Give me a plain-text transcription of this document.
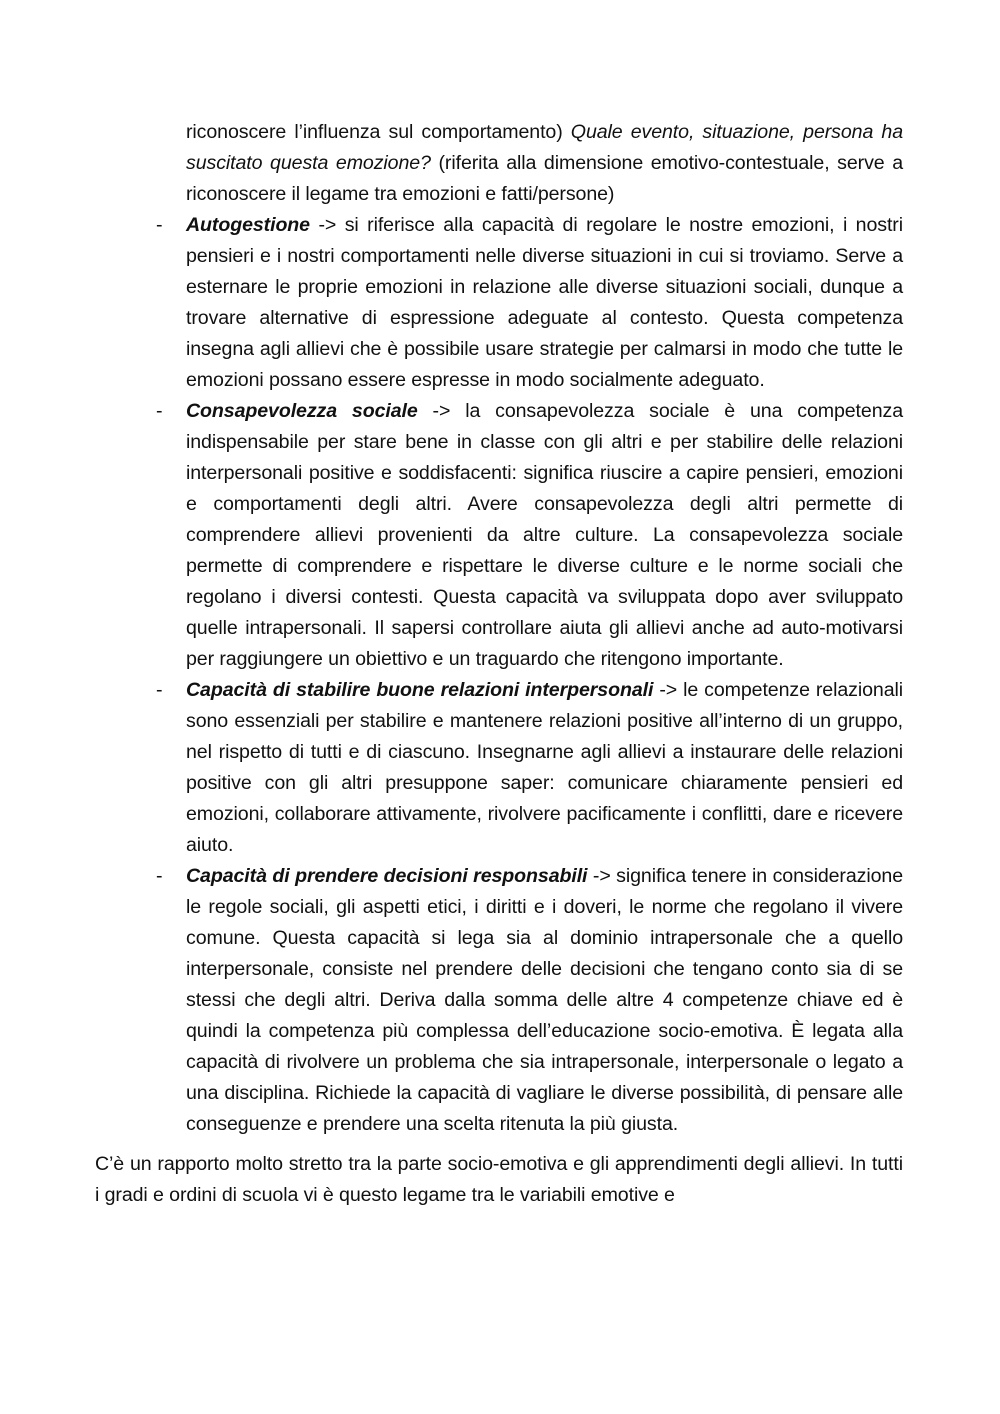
riconoscere l’influenza sul comportamento) Quale evento, situazione, persona ha suscitato questa emozione? (riferita alla dimensione emotivo-contestuale, serve a riconoscere il legame tra emozioni e fatti/persone)

- Autogestione -> si riferisce alla capacità di regolare le nostre emozioni, i nostri pensieri e i nostri comportamenti nelle diverse situazioni in cui si troviamo. Serve a esternare le proprie emozioni in relazione alle diverse situazioni sociali, dunque a trovare alternative di espressione adeguate al contesto. Questa competenza insegna agli allievi che è possibile usare strategie per calmarsi in modo che tutte le emozioni possano essere espresse in modo socialmente adeguato.
- Consapevolezza sociale -> la consapevolezza sociale è una competenza indispensabile per stare bene in classe con gli altri e per stabilire delle relazioni interpersonali positive e soddisfacenti: significa riuscire a capire pensieri, emozioni e comportamenti degli altri. Avere consapevolezza degli altri permette di comprendere allievi provenienti da altre culture. La consapevolezza sociale permette di comprendere e rispettare le diverse culture e le norme sociali che regolano i diversi contesti. Questa capacità va sviluppata dopo aver sviluppato quelle intrapersonali. Il sapersi controllare aiuta gli allievi anche ad auto-motivarsi per raggiungere un obiettivo e un traguardo che ritengono importante.
- Capacità di stabilire buone relazioni interpersonali -> le competenze relazionali sono essenziali per stabilire e mantenere relazioni positive all’interno di un gruppo, nel rispetto di tutti e di ciascuno. Insegnarne agli allievi a instaurare delle relazioni positive con gli altri presuppone saper: comunicare chiaramente pensieri ed emozioni, collaborare attivamente, rivolvere pacificamente i conflitti, dare e ricevere aiuto.
- Capacità di prendere decisioni responsabili -> significa tenere in considerazione le regole sociali, gli aspetti etici, i diritti e i doveri, le norme che regolano il vivere comune. Questa capacità si lega sia al dominio intrapersonale che a quello interpersonale, consiste nel prendere delle decisioni che tengano conto sia di se stessi che degli altri. Deriva dalla somma delle altre 4 competenze chiave ed è quindi la competenza più complessa dell’educazione socio-emotiva. È legata alla capacità di rivolvere un problema che sia intrapersonale, interpersonale o legato a una disciplina. Richiede la capacità di vagliare le diverse possibilità, di pensare alle conseguenze e prendere una scelta ritenuta la più giusta.

C’è un rapporto molto stretto tra la parte socio-emotiva e gli apprendimenti degli allievi. In tutti i gradi e ordini di scuola vi è questo legame tra le variabili emotive e
